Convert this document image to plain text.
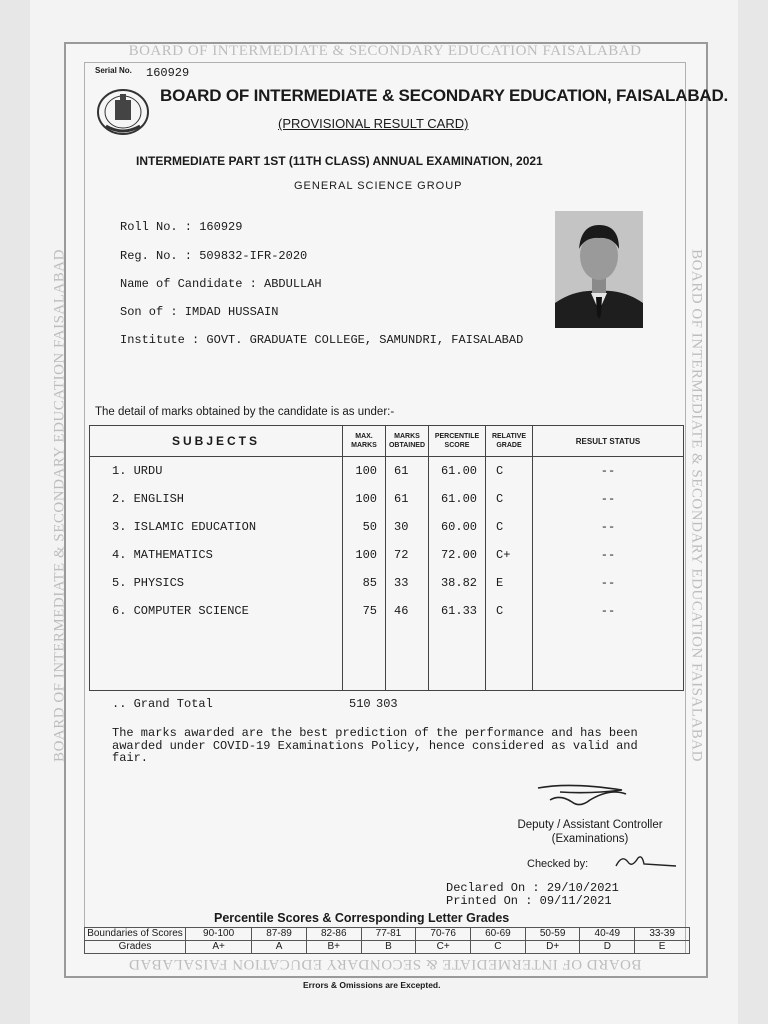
BOARD OF INTERMEDIATE & SECONDARY EDUCATION FAISALABAD
BOARD OF INTERMEDIATE & SECONDARY EDUCATION FAISALABAD
BOARD OF INTERMEDIATE & SECONDARY EDUCATION FAISALABAD	BOARD OF INTERMEDIATE & SECONDARY EDUCATION FAISALABAD
Serial No. 160929
BOARD OF INTERMEDIATE & SECONDARY EDUCATION, FAISALABAD.
(PROVISIONAL RESULT CARD)
INTERMEDIATE PART 1ST (11TH CLASS) ANNUAL EXAMINATION, 2021
GENERAL SCIENCE GROUP
Roll No. : 160929
Reg. No. : 509832-IFR-2020
Name of Candidate : ABDULLAH
Son of : IMDAD HUSSAIN
Institute : GOVT. GRADUATE COLLEGE, SAMUNDRI, FAISALABAD
The detail of marks obtained by the candidate is as under:-
SUBJECTS	MAX. MARKS	MARKS OBTAINED	PERCENTILE SCORE	RELATIVE GRADE	RESULT STATUS
1. URDU	100	61	61.00	C	--
2. ENGLISH	100	61	61.00	C	--
3. ISLAMIC EDUCATION	50	30	60.00	C	--
4. MATHEMATICS	100	72	72.00	C+	--
5. PHYSICS	85	33	38.82	E	--
6. COMPUTER SCIENCE	75	46	61.33	C	--

.. Grand Total	510 303
The marks awarded are the best prediction of the performance and has been awarded under COVID-19 Examinations Policy, hence considered as valid and fair.
Deputy / Assistant Controller
(Examinations)
Checked by:
Declared On : 29/10/2021
Printed On : 09/11/2021
Percentile Scores & Corresponding Letter Grades
Boundaries of Scores	90-100	87-89	82-86	77-81	70-76	60-69	50-59	40-49	33-39
Grades	A+	A	B+	B	C+	C	D+	D	E
Errors & Omissions are Excepted.
